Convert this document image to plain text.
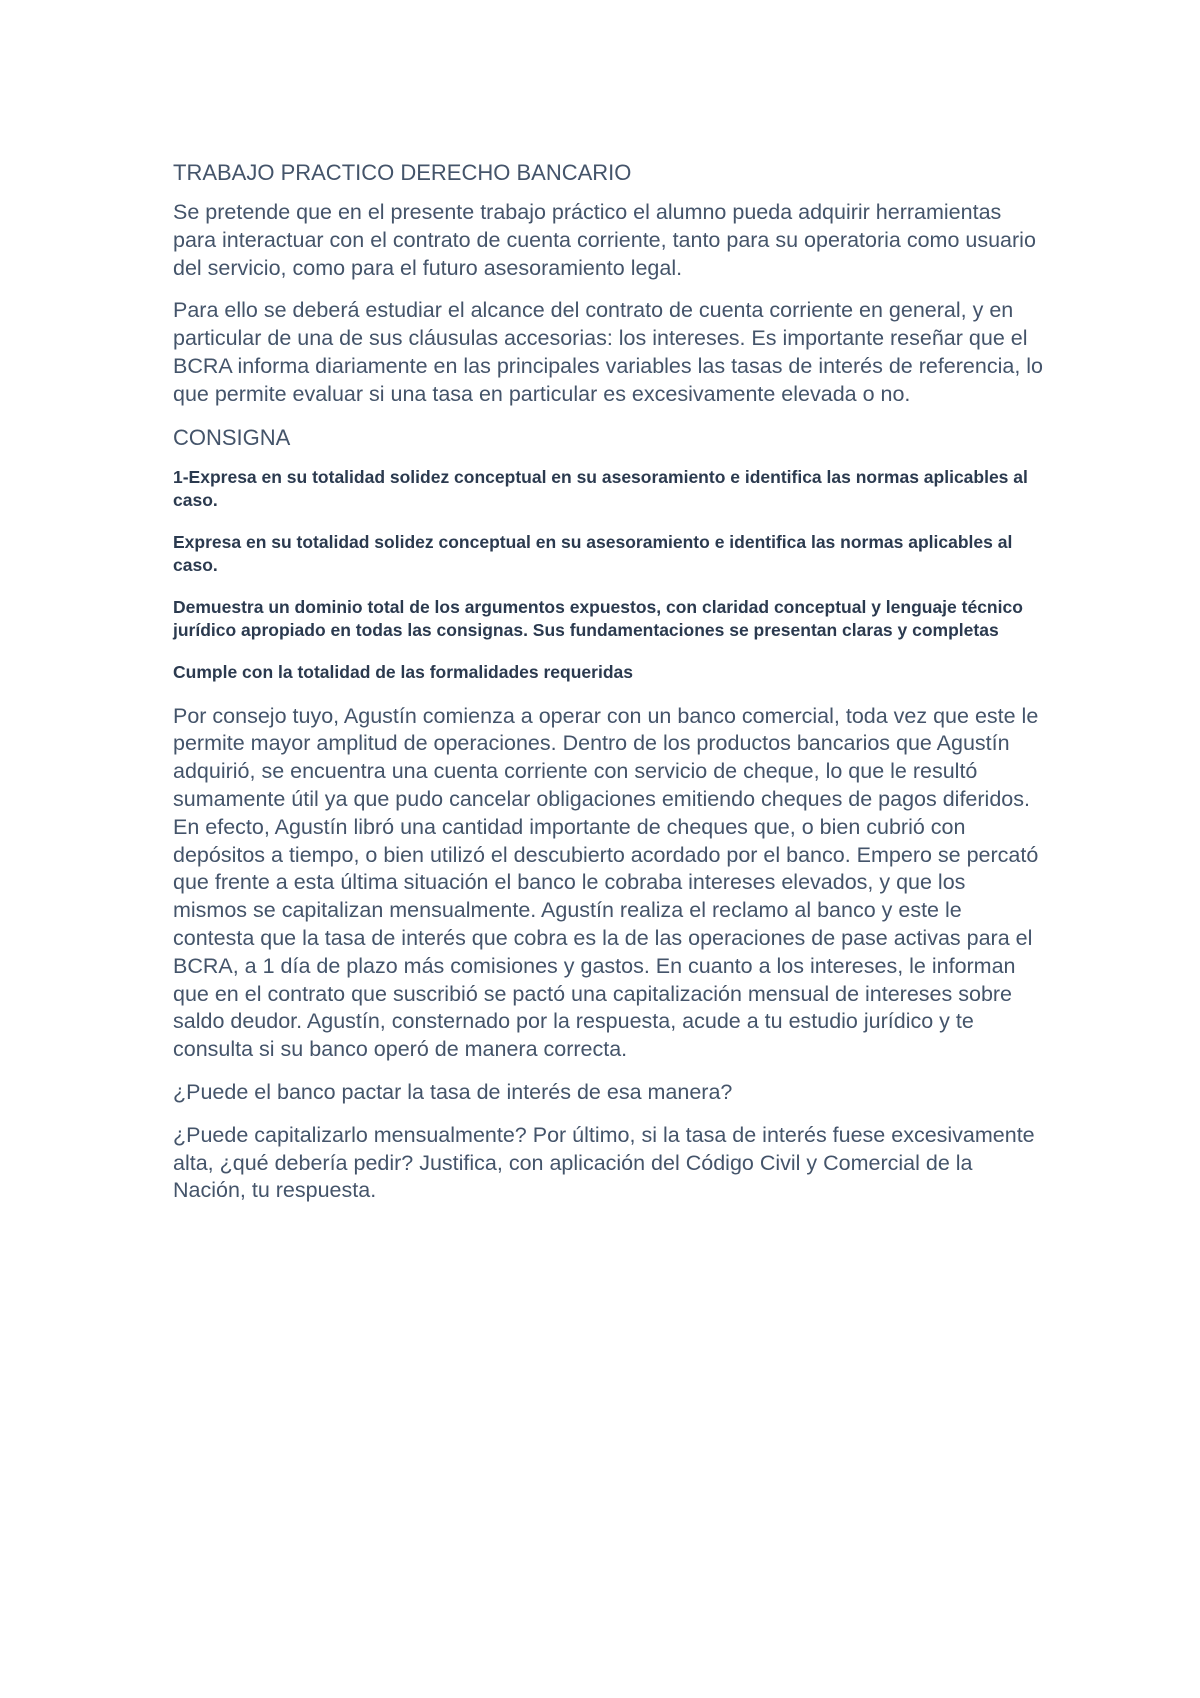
TRABAJO PRACTICO DERECHO BANCARIO

Se pretende que en el presente trabajo práctico el alumno pueda adquirir herramientas para interactuar con el contrato de cuenta corriente, tanto para su operatoria como usuario del servicio, como para el futuro asesoramiento legal.

Para ello se deberá estudiar el alcance del contrato de cuenta corriente en general, y en particular de una de sus cláusulas accesorias: los intereses. Es importante reseñar que el BCRA informa diariamente en las principales variables las tasas de interés de referencia, lo que permite evaluar si una tasa en particular es excesivamente elevada o no.

CONSIGNA

1-Expresa en su totalidad solidez conceptual en su asesoramiento e identifica las normas aplicables al caso.

Expresa en su totalidad solidez conceptual en su asesoramiento e identifica las normas aplicables al caso.

Demuestra un dominio total de los argumentos expuestos, con claridad conceptual y lenguaje técnico jurídico apropiado en todas las consignas. Sus fundamentaciones se presentan claras y completas

Cumple con la totalidad de las formalidades requeridas

Por consejo tuyo, Agustín comienza a operar con un banco comercial, toda vez que este le permite mayor amplitud de operaciones. Dentro de los productos bancarios que Agustín adquirió, se encuentra una cuenta corriente con servicio de cheque, lo que le resultó sumamente útil ya que pudo cancelar obligaciones emitiendo cheques de pagos diferidos. En efecto, Agustín libró una cantidad importante de cheques que, o bien cubrió con depósitos a tiempo, o bien utilizó el descubierto acordado por el banco. Empero se percató que frente a esta última situación el banco le cobraba intereses elevados, y que los mismos se capitalizan mensualmente. Agustín realiza el reclamo al banco y este le contesta que la tasa de interés que cobra es la de las operaciones de pase activas para el BCRA, a 1 día de plazo más comisiones y gastos. En cuanto a los intereses, le informan que en el contrato que suscribió se pactó una capitalización mensual de intereses sobre saldo deudor. Agustín, consternado por la respuesta, acude a tu estudio jurídico y te consulta si su banco operó de manera correcta.

¿Puede el banco pactar la tasa de interés de esa manera?

¿Puede capitalizarlo mensualmente? Por último, si la tasa de interés fuese excesivamente alta, ¿qué debería pedir? Justifica, con aplicación del Código Civil y Comercial de la Nación, tu respuesta.
